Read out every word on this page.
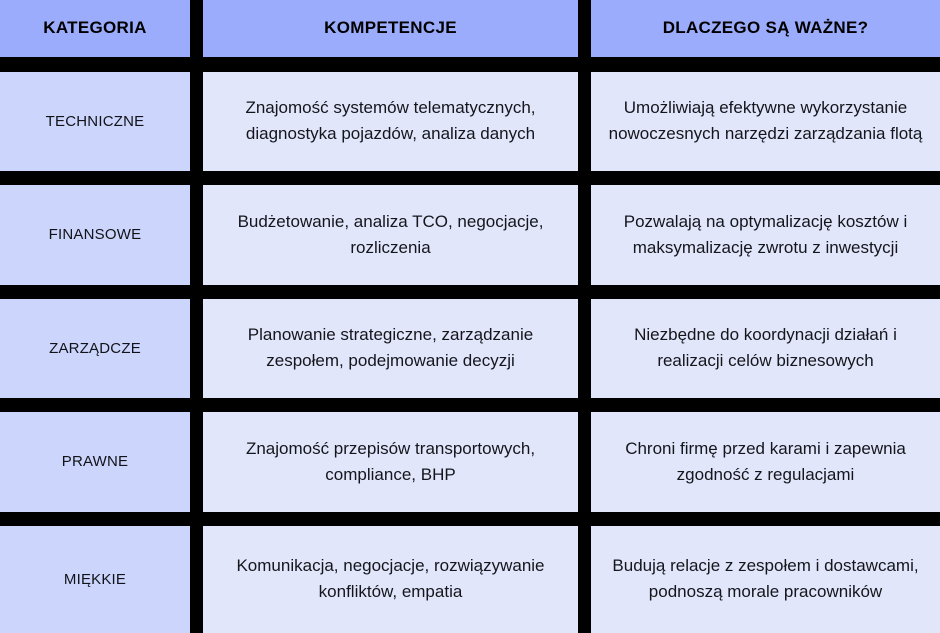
KATEGORIA	KOMPETENCJE	DLACZEGO SĄ WAŻNE?
TECHNICZNE
Znajomość systemów telematycznych, diagnostyka pojazdów, analiza danych
Umożliwiają efektywne wykorzystanie nowoczesnych narzędzi zarządzania flotą
FINANSOWE
Budżetowanie, analiza TCO, negocjacje, rozliczenia
Pozwalają na optymalizację kosztów i maksymalizację zwrotu z inwestycji
ZARZĄDCZE
Planowanie strategiczne, zarządzanie zespołem, podejmowanie decyzji
Niezbędne do koordynacji działań i realizacji celów biznesowych
PRAWNE
Znajomość przepisów transportowych, compliance, BHP
Chroni firmę przed karami i zapewnia zgodność z regulacjami
MIĘKKIE
Komunikacja, negocjacje, rozwiązywanie konfliktów, empatia
Budują relacje z zespołem i dostawcami, podnoszą morale pracowników
